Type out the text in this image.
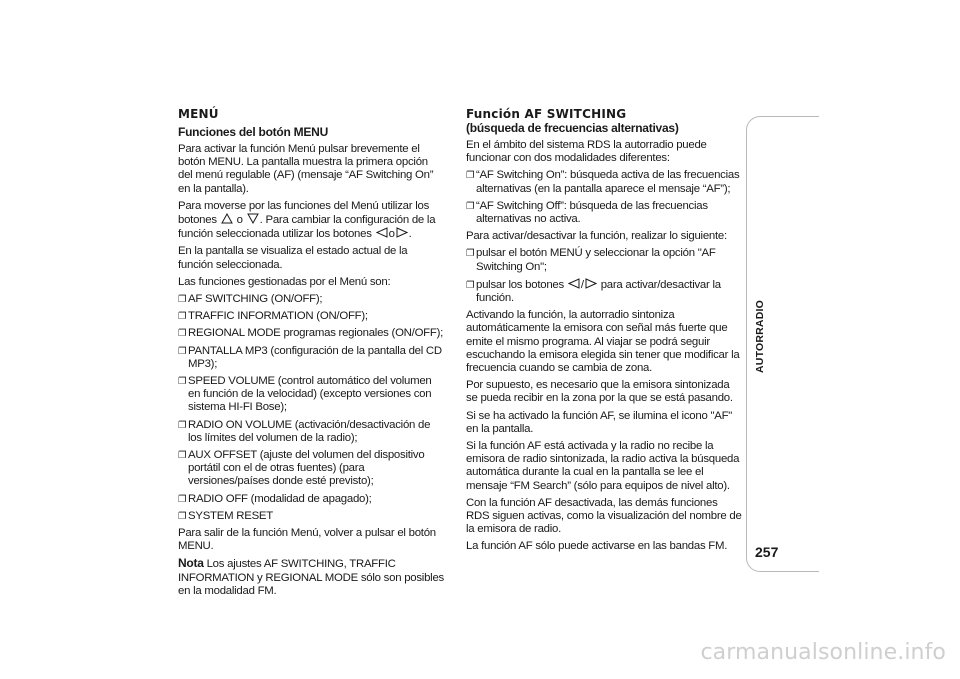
MENÚ

Funciones del botón MENU

Para activar la función Menú pulsar brevemente el botón MENU. La pantalla muestra la primera opción del menú regulable (AF) (mensaje “AF Switching On” en la pantalla).

Para moverse por las funciones del Menú utilizar los botones o . Para cambiar la configuración de la función seleccionada utilizar los botones o .

En la pantalla se visualiza el estado actual de la función seleccionada.

Las funciones gestionadas por el Menú son:

❐ AF SWITCHING (ON/OFF);

❐ TRAFFIC INFORMATION (ON/OFF);

❐ REGIONAL MODE programas regionales (ON/OFF);

❐ PANTALLA MP3 (configuración de la pantalla del CD MP3);

❐ SPEED VOLUME (control automático del volumen en función de la velocidad) (excepto versiones con sistema HI-FI Bose);

❐ RADIO ON VOLUME (activación/desactivación de los límites del volumen de la radio);

❐ AUX OFFSET (ajuste del volumen del dispositivo portátil con el de otras fuentes) (para versiones/países donde esté previsto);

❐ RADIO OFF (modalidad de apagado);

❐ SYSTEM RESET

Para salir de la función Menú, volver a pulsar el botón MENU.

Nota Los ajustes AF SWITCHING, TRAFFIC INFORMATION y REGIONAL MODE sólo son posibles en la modalidad FM.

Función AF SWITCHING

(búsqueda de frecuencias alternativas)

En el ámbito del sistema RDS la autorradio puede funcionar con dos modalidades diferentes:

❐ “AF Switching On”: búsqueda activa de las frecuencias alternativas (en la pantalla aparece el mensaje “AF”);

❐ “AF Switching Off”: búsqueda de las frecuencias alternativas no activa.

Para activar/desactivar la función, realizar lo siguiente:

❐ pulsar el botón MENÚ y seleccionar la opción "AF Switching On";

❐ pulsar los botones /
para activar/desactivar la función.

Activando la función, la autorradio sintoniza automáticamente la emisora con señal más fuerte que emite el mismo programa. Al viajar se podrá seguir escuchando la emisora elegida sin tener que modificar la frecuencia cuando se cambia de zona.

Por supuesto, es necesario que la emisora sintonizada se pueda recibir en la zona por la que se está pasando.

Si se ha activado la función AF, se ilumina el icono "AF" en la pantalla.

Si la función AF está activada y la radio no recibe la emisora de radio sintonizada, la radio activa la búsqueda automática durante la cual en la pantalla se lee el mensaje “FM Search” (sólo para equipos de nivel alto).

Con la función AF desactivada, las demás funciones RDS siguen activas, como la visualización del nombre de la emisora de radio.

La función AF sólo puede activarse en las bandas FM.

AUTORRADIO
257
carmanualsonline.info
